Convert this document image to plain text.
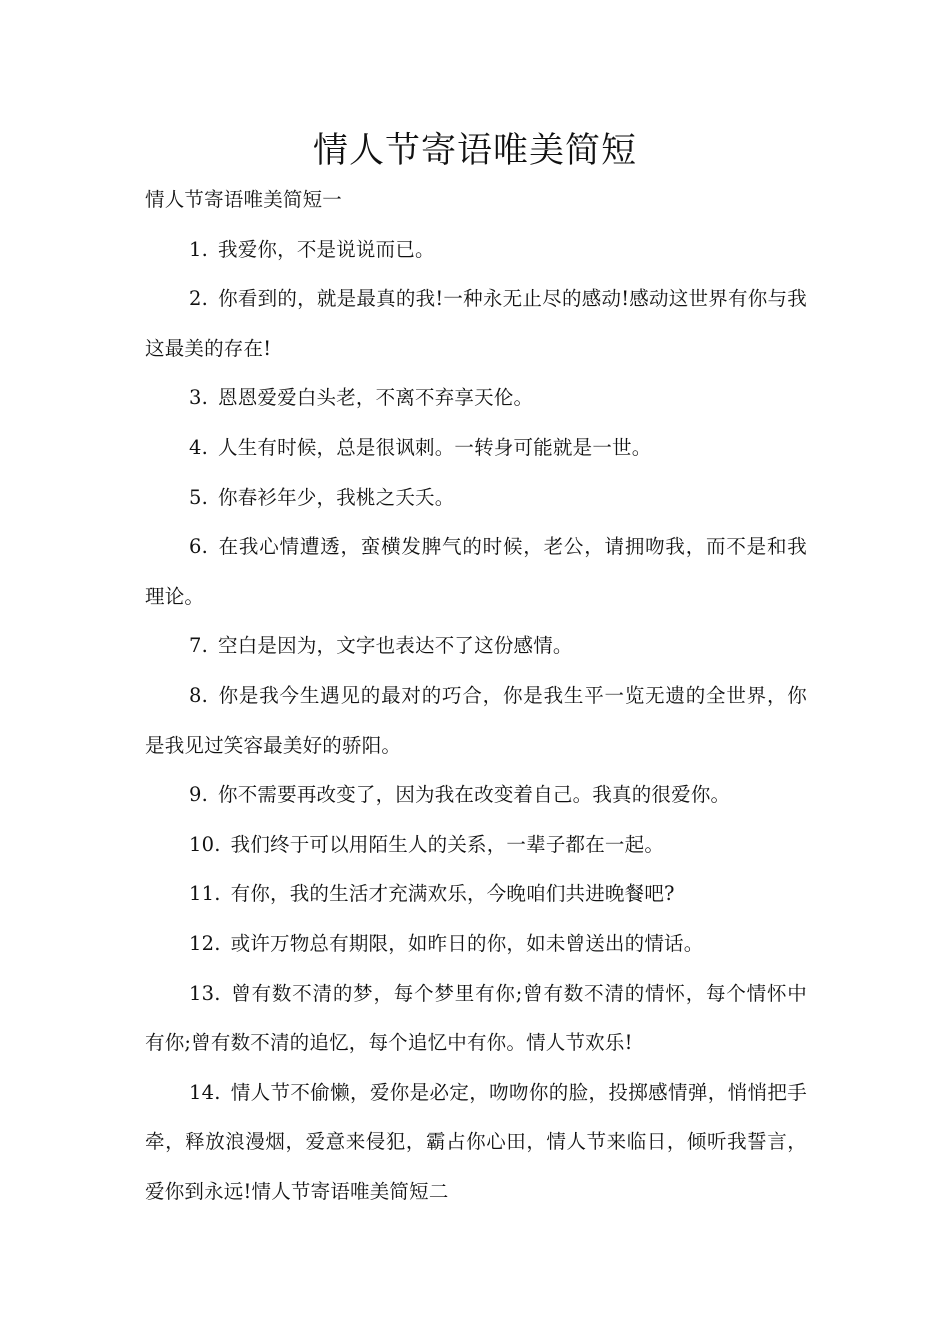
情人节寄语唯美简短

情人节寄语唯美简短一

1. 我爱你，不是说说而已。

2. 你看到的，就是最真的我!一种永无止尽的感动!感动这世界有你与我这最美的存在!

3. 恩恩爱爱白头老，不离不弃享天伦。

4. 人生有时候，总是很讽刺。一转身可能就是一世。

5. 你春衫年少，我桃之夭夭。

6. 在我心情遭透，蛮横发脾气的时候，老公，请拥吻我，而不是和我理论。

7. 空白是因为，文字也表达不了这份感情。

8. 你是我今生遇见的最对的巧合，你是我生平一览无遗的全世界，你是我见过笑容最美好的骄阳。

9. 你不需要再改变了，因为我在改变着自己。我真的很爱你。

10. 我们终于可以用陌生人的关系，一辈子都在一起。

11. 有你，我的生活才充满欢乐，今晚咱们共进晚餐吧?

12. 或许万物总有期限，如昨日的你，如未曾送出的情话。

13. 曾有数不清的梦，每个梦里有你;曾有数不清的情怀，每个情怀中有你;曾有数不清的追忆，每个追忆中有你。情人节欢乐!

14. 情人节不偷懒，爱你是必定，吻吻你的脸，投掷感情弹，悄悄把手牵，释放浪漫烟，爱意来侵犯，霸占你心田，情人节来临日，倾听我誓言，爱你到永远!情人节寄语唯美简短二
